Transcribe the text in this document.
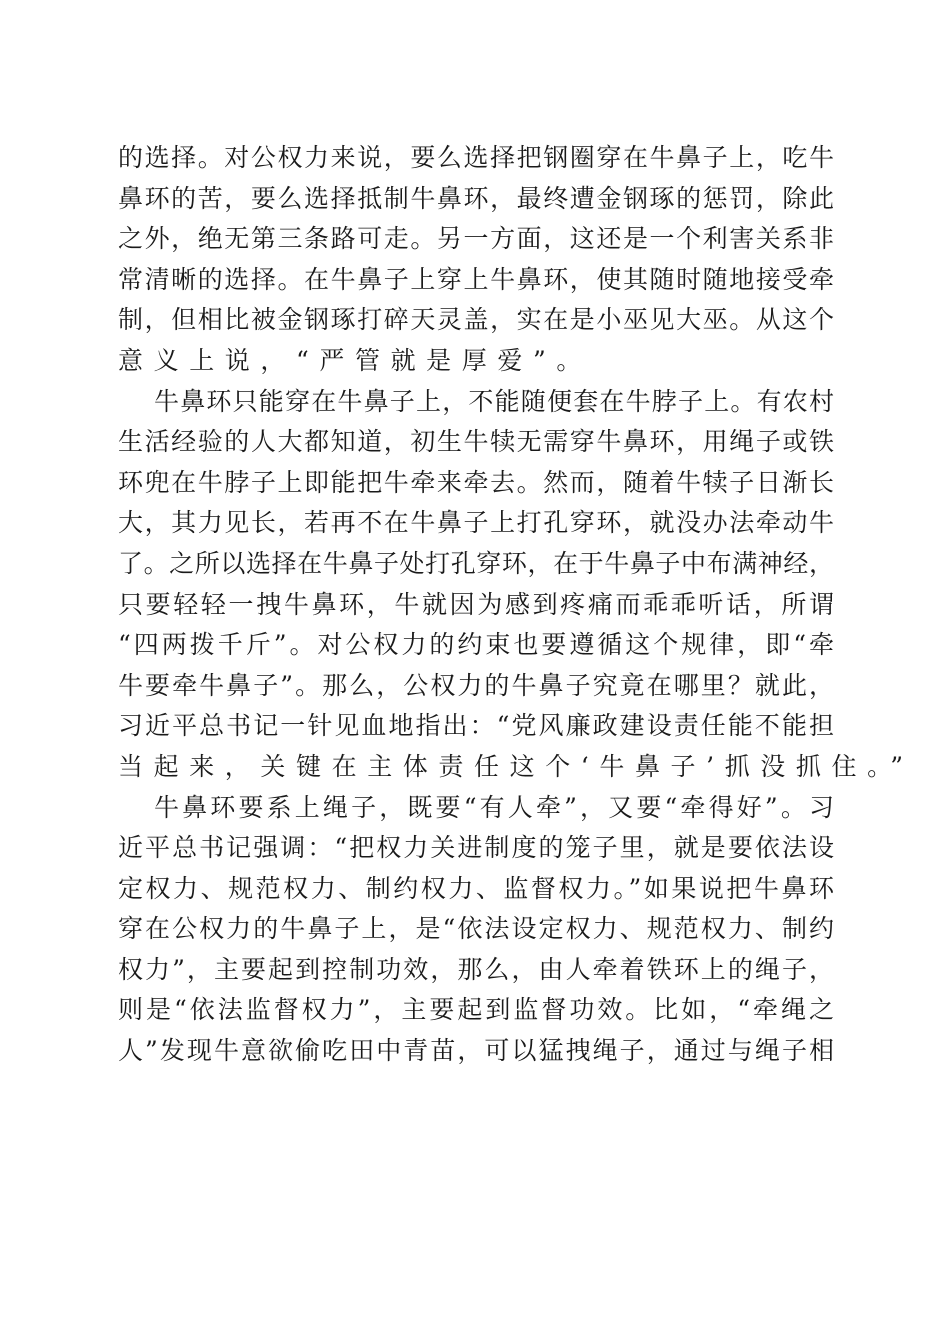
的选择。对公权力来说，要么选择把钢圈穿在牛鼻子上，吃牛
鼻环的苦，要么选择抵制牛鼻环，最终遭金钢琢的惩罚，除此
之外，绝无第三条路可走。另一方面，这还是一个利害关系非
常清晰的选择。在牛鼻子上穿上牛鼻环，使其随时随地接受牵
制，但相比被金钢琢打碎天灵盖，实在是小巫见大巫。从这个
意义上说，“严管就是厚爱”。
牛鼻环只能穿在牛鼻子上，不能随便套在牛脖子上。有农村
生活经验的人大都知道，初生牛犊无需穿牛鼻环，用绳子或铁
环兜在牛脖子上即能把牛牵来牵去。然而，随着牛犊子日渐长
大，其力见长，若再不在牛鼻子上打孔穿环，就没办法牵动牛
了。之所以选择在牛鼻子处打孔穿环，在于牛鼻子中布满神经，
只要轻轻一拽牛鼻环，牛就因为感到疼痛而乖乖听话，所谓
“四两拨千斤”。对公权力的约束也要遵循这个规律，即“牵
牛要牵牛鼻子”。那么，公权力的牛鼻子究竟在哪里？就此，
习近平总书记一针见血地指出：“党风廉政建设责任能不能担
当起来，关键在主体责任这个‘牛鼻子’抓没抓住。”
牛鼻环要系上绳子，既要“有人牵”，又要“牵得好”。习
近平总书记强调：“把权力关进制度的笼子里，就是要依法设
定权力、规范权力、制约权力、监督权力。”如果说把牛鼻环
穿在公权力的牛鼻子上，是“依法设定权力、规范权力、制约
权力”，主要起到控制功效，那么，由人牵着铁环上的绳子，
则是“依法监督权力”，主要起到监督功效。比如，“牵绳之
人”发现牛意欲偷吃田中青苗，可以猛拽绳子，通过与绳子相
